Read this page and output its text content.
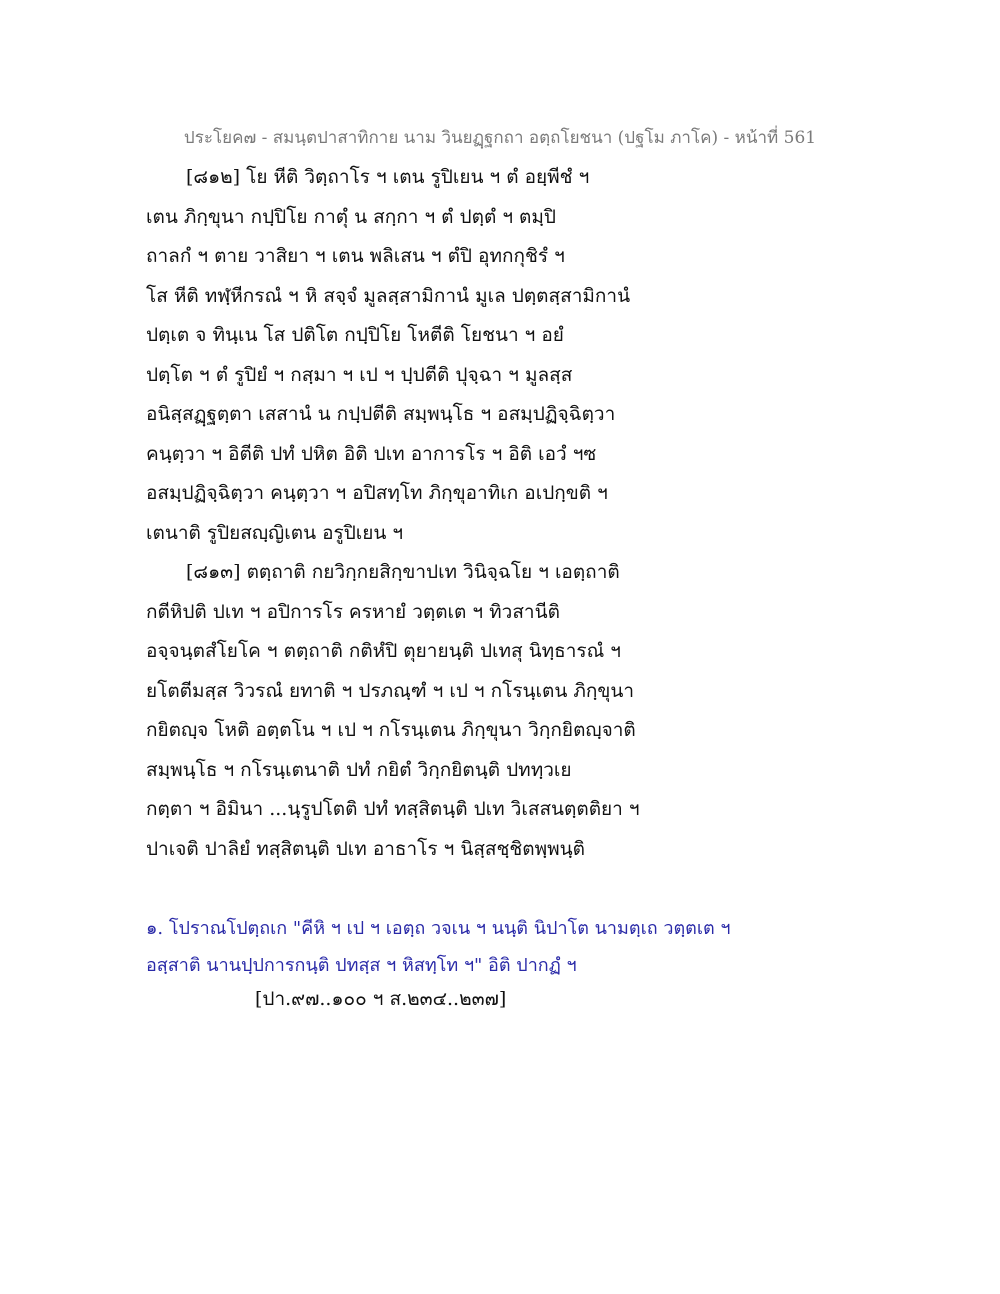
ประโยค๗ - สมนฺตปาสาทิกาย นาม วินยฏฺฐกถา อตฺถโยชนา (ปฐโม ภาโค) - หน้าที่ 561
[๘๑๒] โย หีติ วิตฺถาโร ฯ เตน รูปิเยน ฯ ตํ อยฺพีชํ ฯ
เตน ภิกฺขุนา กปฺปิโย กาตุํ น สกฺกา ฯ ตํ ปตฺตํ ฯ ตมฺปิ
ถาลกํ ฯ ตาย วาสิยา ฯ เตน พลิเสน ฯ ตํปิ อุทกกุชิรํ ฯ
โส หีติ ทฬฺหีกรณํ ฯ หิ สจฺจํ มูลสฺสามิกานํ มูเล ปตฺตสฺสามิกานํ
ปตฺเต จ ทินฺเน โส ปติโต กปฺปิโย โหตีติ โยชนา ฯ อยํ
ปตฺโต ฯ ตํ รูปิยํ ฯ กสฺมา ฯ เป ฯ ปฺปตีติ ปุจฺฉา ฯ มูลสฺส
อนิสฺสฏฺฐตฺตา เสสานํ น กปฺปตีติ สมฺพนฺโธ ฯ อสมฺปฏิจฺฉิตฺวา
คนฺตฺวา ฯ อิตีติ ปทํ ปหิต อิติ ปเท อาการโร ฯ อิติ เอวํ ฯซ
อสมฺปฏิจฺฉิตฺวา คนฺตฺวา ฯ อปิสทฺโท ภิกฺขุอาทิเก อเปกฺขติ ฯ
เตนาติ รูปิยสญฺญิเตน อรูปิเยน ฯ
[๘๑๓] ตตฺถาติ กยวิกฺกยสิกฺขาปเท วินิจฺฉโย ฯ เอตฺถาติ
กตีหิปติ ปเท ฯ อปิการโร ครหายํ วตฺตเต ฯ ทิวสานีติ
อจฺจนฺตสํโยโค ฯ ตตฺถาติ กติหํปิ ตุยายนฺติ ปเทสุ นิทฺธารณํ ฯ
ยโตตีมสฺส วิวรณํ ยทาติ ฯ ปรภณฺฑํ ฯ เป ฯ กโรนฺเตน ภิกฺขุนา
กยิตญฺจ โหติ อตฺตโน ฯ เป ฯ กโรนฺเตน ภิกฺขุนา วิกฺกยิตญฺจาติ
สมฺพนฺโธ ฯ กโรนฺเตนาติ ปทํ กยิตํ วิกฺกยิตนฺติ ปททฺวเย
กตฺตา ฯ อิมินา ...นฺรูปโตติ ปทํ ทสฺสิตนฺติ ปเท วิเสสนตฺตติยา ฯ
ปาเจติ ปาลิยํ ทสฺสิตนฺติ ปเท อาธาโร ฯ นิสฺสชฺชิตพฺพนฺติ
๑. โปราณโปตฺถเก "คีหิ ฯ เป ฯ เอตฺถ วจเน ฯ นนฺติ นิปาโต นามตฺเถ วตฺตเต ฯ
อสฺสาติ นานปฺปการกนฺติ ปทสฺส ฯ หิสทฺโท ฯ" อิติ ปากฏํ ฯ
[ปา.๙๗..๑๐๐ ฯ ส.๒๓๔..๒๓๗]
